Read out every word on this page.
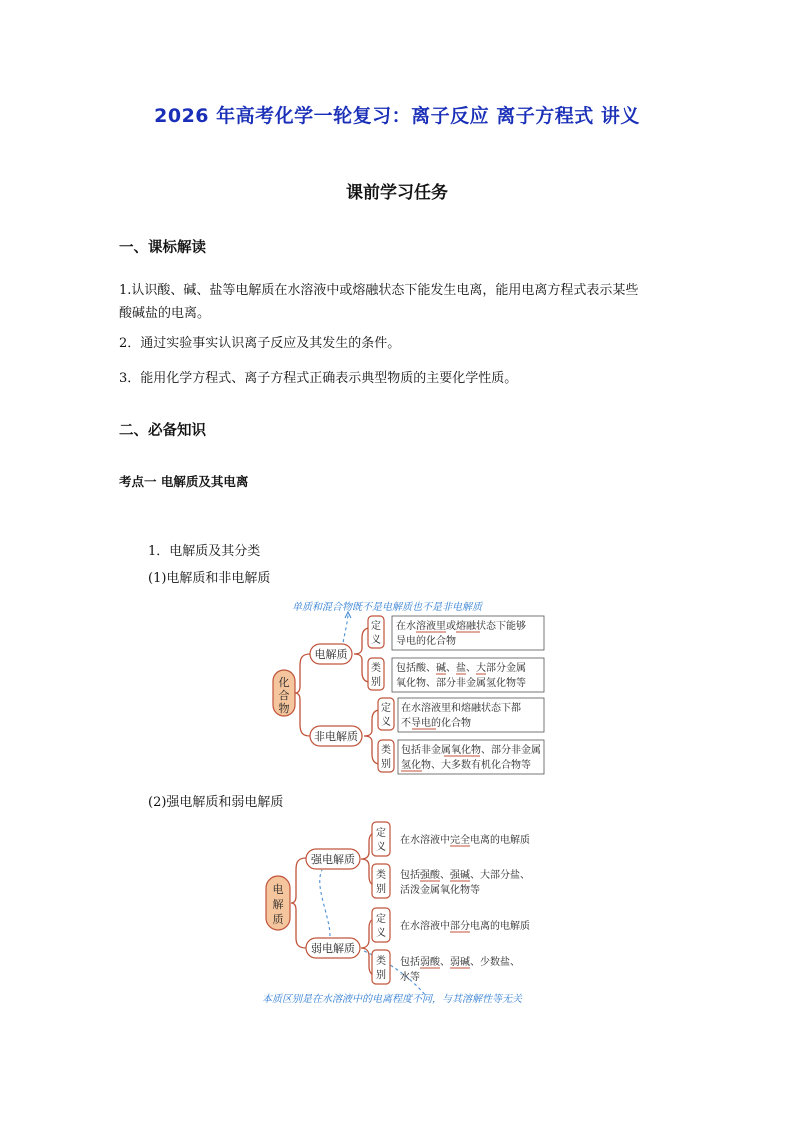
2026 年高考化学一轮复习：离子反应 离子方程式 讲义
课前学习任务
一、课标解读
1.认识酸、碱、盐等电解质在水溶液中或熔融状态下能发生电离，能用电离方程式表示某些
酸碱盐的电离。
2．通过实验事实认识离子反应及其发生的条件。
3．能用化学方程式、离子方程式正确表示典型物质的主要化学性质。
二、必备知识
考点一 电解质及其电离
1．电解质及其分类
(1)电解质和非电解质
(2)强电解质和弱电解质
单质和混合物既不是电解质也不是非电解质
化
合
物
电解质
非电解质
定
义
在水溶液里或熔融状态下能够
导电的化合物
类
别
包括酸、碱、盐、大部分金属
氧化物、部分非金属氢化物等
定
义
在水溶液里和熔融状态下都
不导电的化合物
类
别
包括非金属氧化物、部分非金属
氢化物、大多数有机化合物等
电
解
质
强电解质
弱电解质
定
义
在水溶液中完全电离的电解质
类
别
包括强酸、强碱、大部分盐、
活泼金属氧化物等
定
义
在水溶液中部分电离的电解质
类
别
包括弱酸、弱碱、少数盐、
水等
本质区别是在水溶液中的电离程度不同，与其溶解性等无关
